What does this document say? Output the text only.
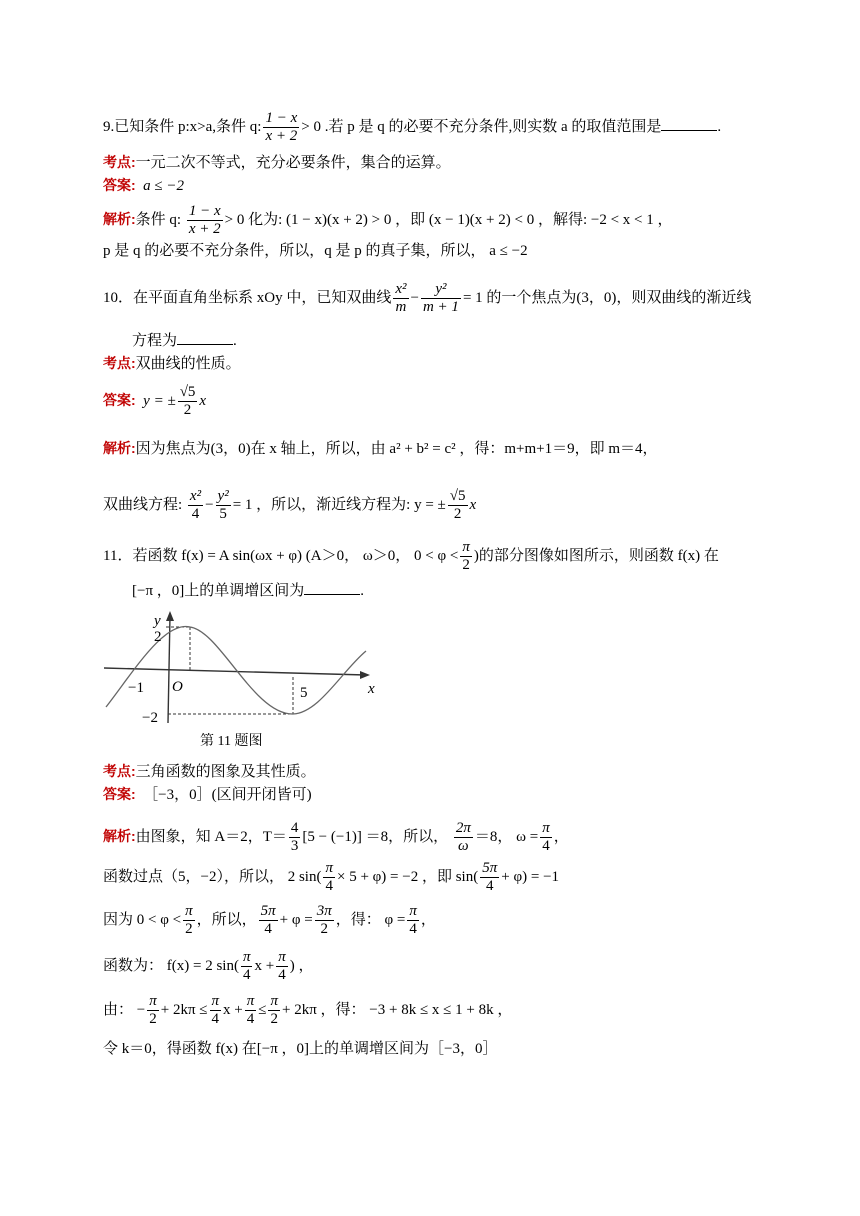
9.已知条件 p:x>a,条件 q: $\frac{1 - x}{x + 2} > 0$ .若 p 是 q 的必要不充分条件,则实数 a 的取值范围是	.
考点:一元二次不等式，充分必要条件，集合的运算。
答案: a ≤ −2
解析:条件 q: $\frac{1 - x}{x + 2} > 0$ 化为: (1 − x)(x + 2) > 0 ，即 (x − 1)(x + 2) < 0 ，解得: −2 < x < 1 ，
p 是 q 的必要不充分条件，所以，q 是 p 的真子集，所以， a ≤ −2
10．在平面直角坐标系 xOy 中，已知双曲线 $\frac{\text{x²}}{m} - \frac{\text{y²}}{m + 1} = 1$ 的一个焦点为(3，0)，则双曲线的渐近线
方程为	.
考点:双曲线的性质。
答案: y = ± $\frac{√5}{2}$ x
解析:因为焦点为(3，0)在 x 轴上，所以，由 a² + b² = c² ，得：m+m+1＝9，即 m＝4，
双曲线方程: $\frac{\text{x²}}{4} - \frac{\text{y²}}{5} = 1$ ，所以，渐近线方程为: y = ± $\frac{√5}{2}$ x
11．若函数 f(x) = A sin(ωx + φ) (A＞0， ω＞0， $0 < \varphi < \frac{\pi}{2}$ )的部分图像如图所示，则函数 f(x) 在
[−π ，0]上的单调增区间为	.
y
x
O
2
−1	5
−2
第 11 题图
考点:三角函数的图象及其性质。
答案: ［−3，0］(区间开闭皆可)
解析:由图象，知 A＝2，$T= \frac{4}{3} [5 - (-1)] =8$，所以， $\frac{2\pi}{\omega} =8$， $\omega = \frac{\pi}{4}$ ，
函数过点（5，−2），所以， 2 $\sin( \frac{\pi}{4} \times 5 + \varphi) = -2$ ，即 $\sin( \frac{5\pi}{4} + \varphi) = -1$
因为 $0 < \varphi < \frac{\pi}{2}$ ，所以， $\frac{5\pi}{4} + \varphi = \frac{3\pi}{2}$ ，得： $\varphi = \frac{\pi}{4}$ ，
函数为： f(x) = 2 $\sin( \frac{\pi}{4}$ $x + \frac{\pi}{4}$ ) ，
由： − $\frac{\pi}{2} + 2k\pi \le \frac{\pi}{4}$ $x + \frac{\pi}{4} \le \frac{\pi}{2} + 2k\pi$ ，得： −3 + 8k ≤ x ≤ 1 + 8k ，
令 k＝0，得函数 f(x) 在[−π ，0]上的单调增区间为［−3，0］
